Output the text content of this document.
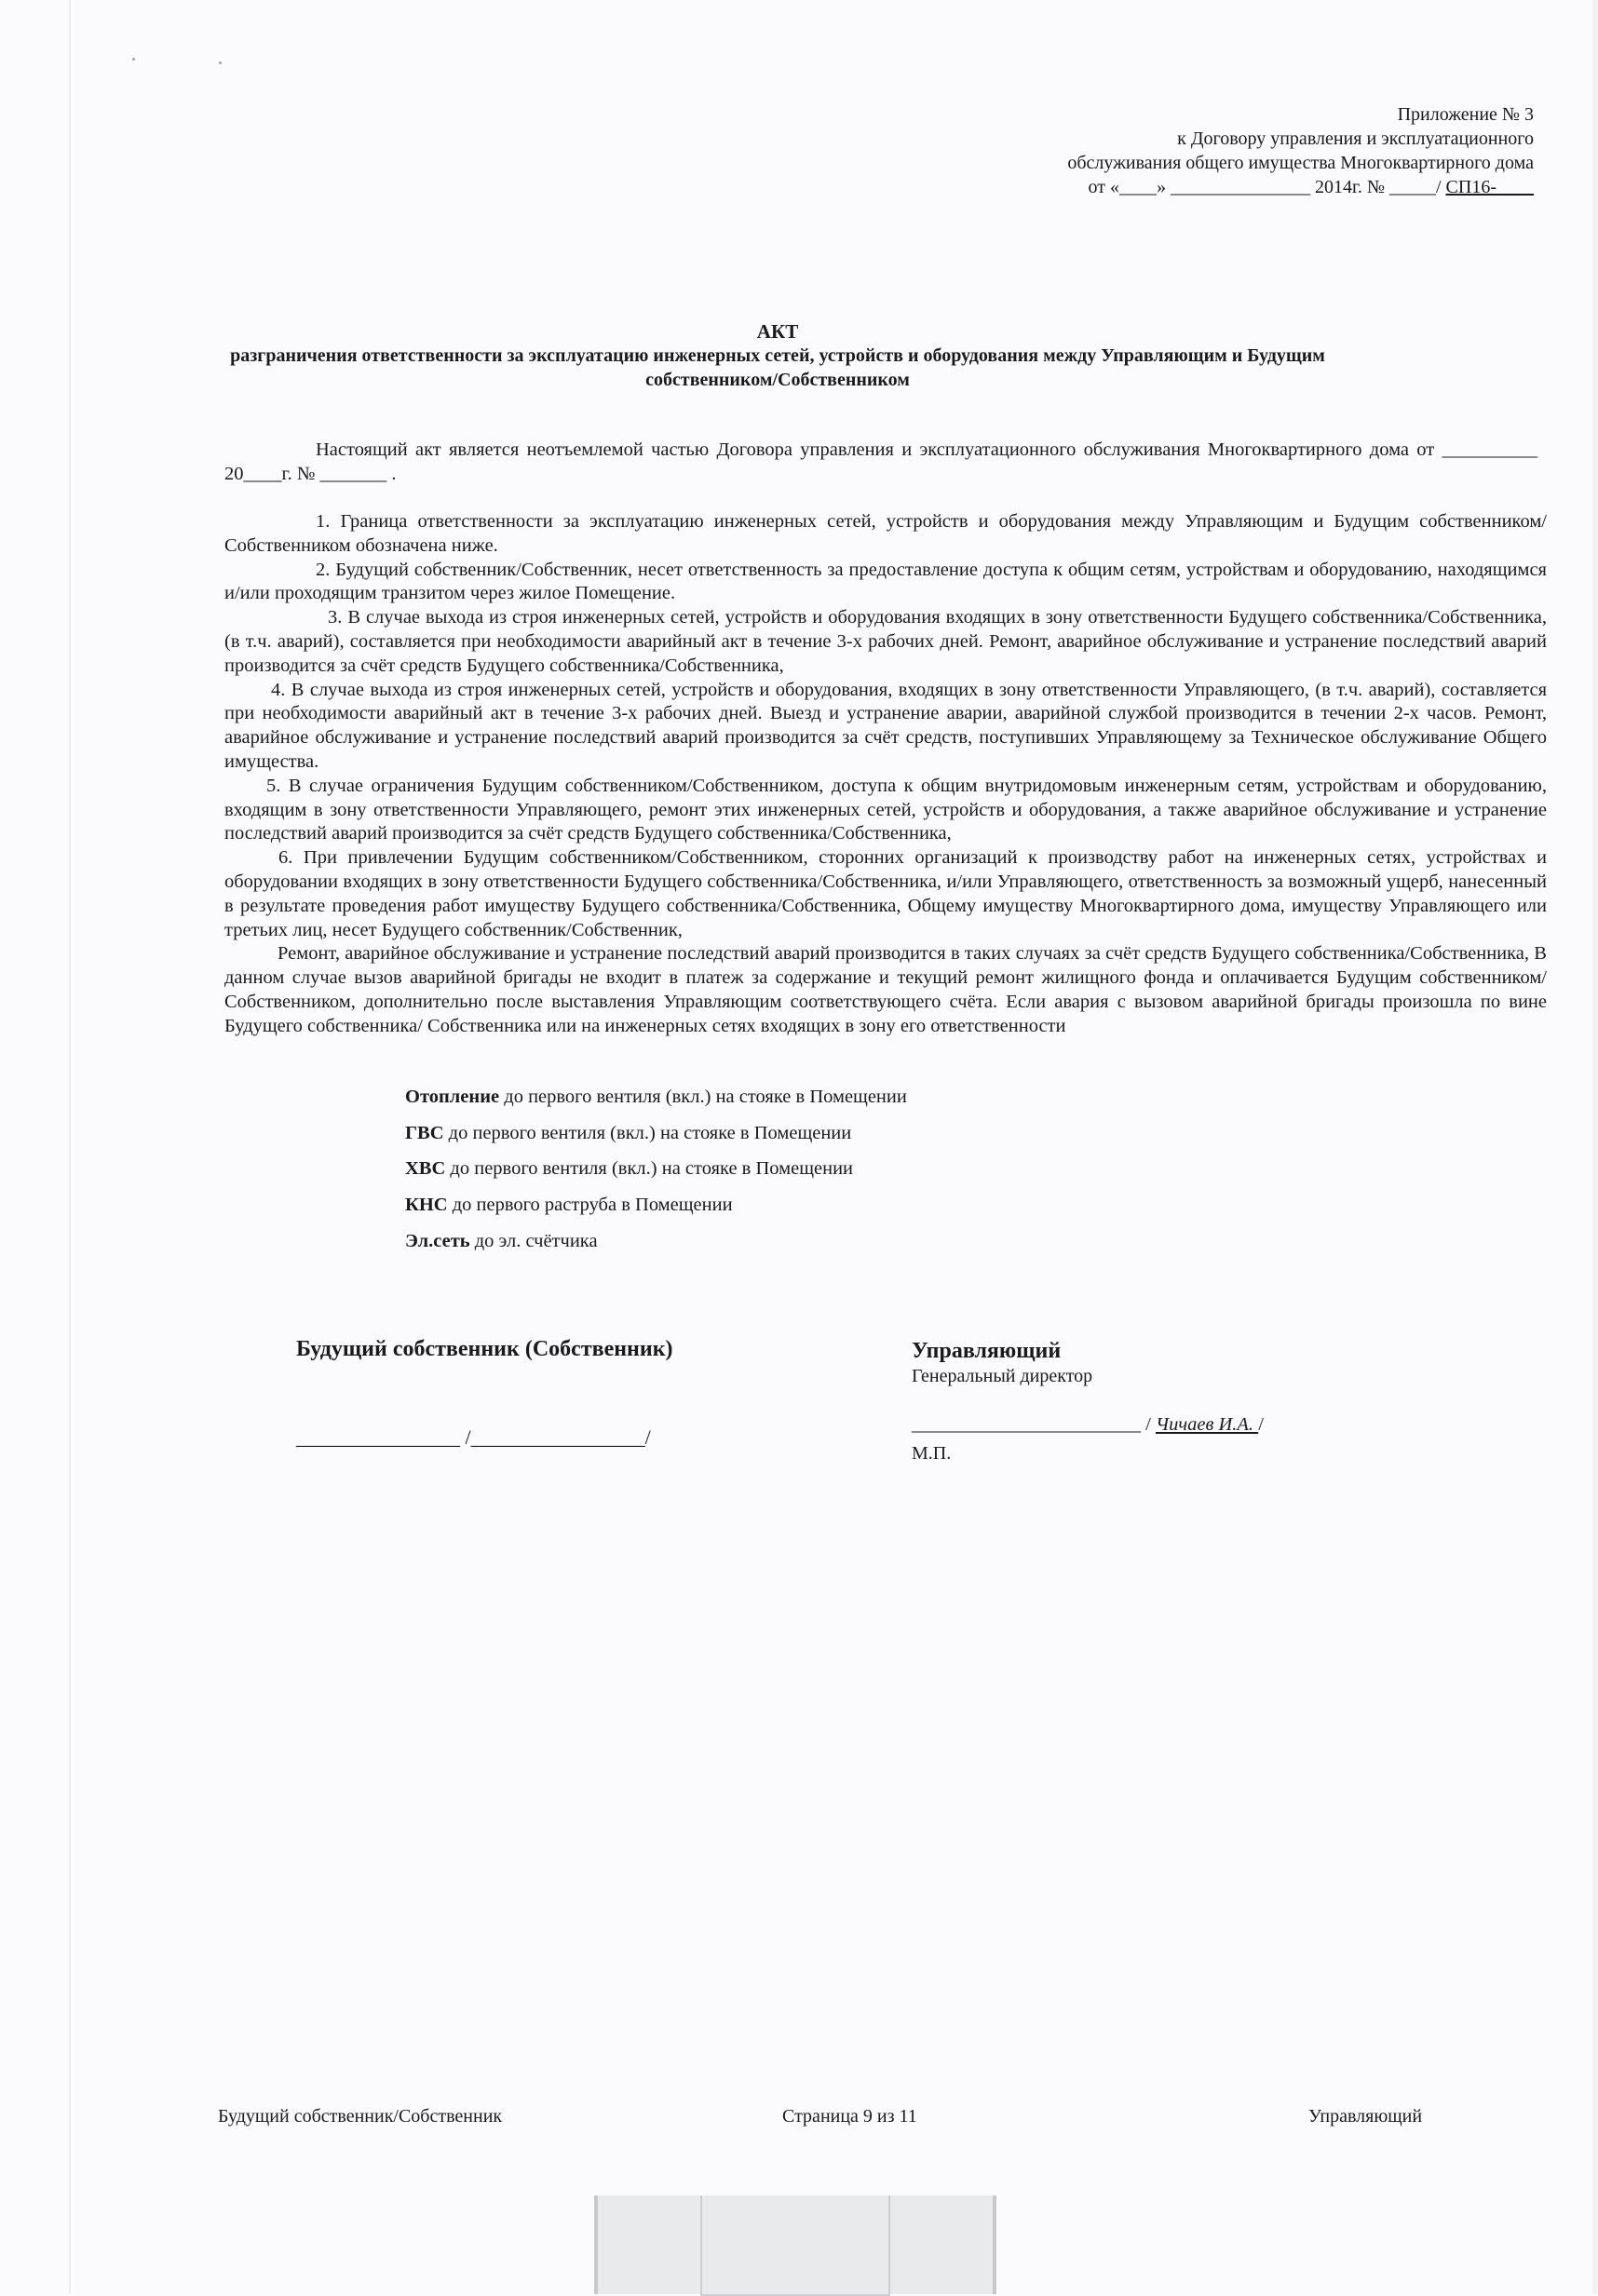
Приложение № 3
к Договору управления и эксплуатационного
обслуживания общего имущества Многоквартирного дома
от «____» _______________ 2014г. № _____/ СП16-____
АКТ
разграничения ответственности за эксплуатацию инженерных сетей, устройств и оборудования между Управляющим и Будущим собственником/Собственником

Настоящий акт является неотъемлемой частью Договора управления и эксплуатационного обслуживания Многоквартирного дома от __________ 20____г. № _______ .

1. Граница ответственности за эксплуатацию инженерных сетей, устройств и оборудования между Управляющим и Будущим собственником/Собственником обозначена ниже.

2. Будущий собственник/Собственник, несет ответственность за предоставление доступа к общим сетям, устройствам и оборудованию, находящимся и/или проходящим транзитом через жилое Помещение.

3. В случае выхода из строя инженерных сетей, устройств и оборудования входящих в зону ответственности Будущего собственника/Собственника, (в т.ч. аварий), составляется при необходимости аварийный акт в течение 3-х рабочих дней. Ремонт, аварийное обслуживание и устранение последствий аварий производится за счёт средств Будущего собственника/Собственника,

4. В случае выхода из строя инженерных сетей, устройств и оборудования, входящих в зону ответственности Управляющего, (в т.ч. аварий), составляется при необходимости аварийный акт в течение 3-х рабочих дней. Выезд и устранение аварии, аварийной службой производится в течении 2-х часов. Ремонт, аварийное обслуживание и устранение последствий аварий производится за счёт средств, поступивших Управляющему за Техническое обслуживание Общего имущества.

5. В случае ограничения Будущим собственником/Собственником, доступа к общим внутридомовым инженерным сетям, устройствам и оборудованию, входящим в зону ответственности Управляющего, ремонт этих инженерных сетей, устройств и оборудования, а также аварийное обслуживание и устранение последствий аварий производится за счёт средств Будущего собственника/Собственника,

6. При привлечении Будущим собственником/Собственником, сторонних организаций к производству работ на инженерных сетях, устройствах и оборудовании входящих в зону ответственности Будущего собственника/Собственника, и/или Управляющего, ответственность за возможный ущерб, нанесенный в результате проведения работ имуществу Будущего собственника/Собственника, Общему имуществу Многоквартирного дома, имуществу Управляющего или третьих лиц, несет Будущего собственник/Собственник,

Ремонт, аварийное обслуживание и устранение последствий аварий производится в таких случаях за счёт средств Будущего собственника/Собственника, В данном случае вызов аварийной бригады не входит в платеж за содержание и текущий ремонт жилищного фонда и оплачивается Будущим собственником/Собственником, дополнительно после выставления Управляющим соответствующего счёта. Если авария с вызовом аварийной бригады произошла по вине Будущего собственника/ Собственника или на инженерных сетях входящих в зону его ответственности

Отопление до первого вентиля (вкл.) на стояке в Помещении
ГВС до первого вентиля (вкл.) на стояке в Помещении
ХВС до первого вентиля (вкл.) на стояке в Помещении
КНС до первого раструба в Помещении
Эл.сеть до эл. счётчика
Будущий собственник (Собственник)
________________ /_________________/
Управляющий
Генеральный директор
________________________ / Чичаев И.А. /
М.П.
Будущий собственник/Собственник	Страница 9 из 11	Управляющий
